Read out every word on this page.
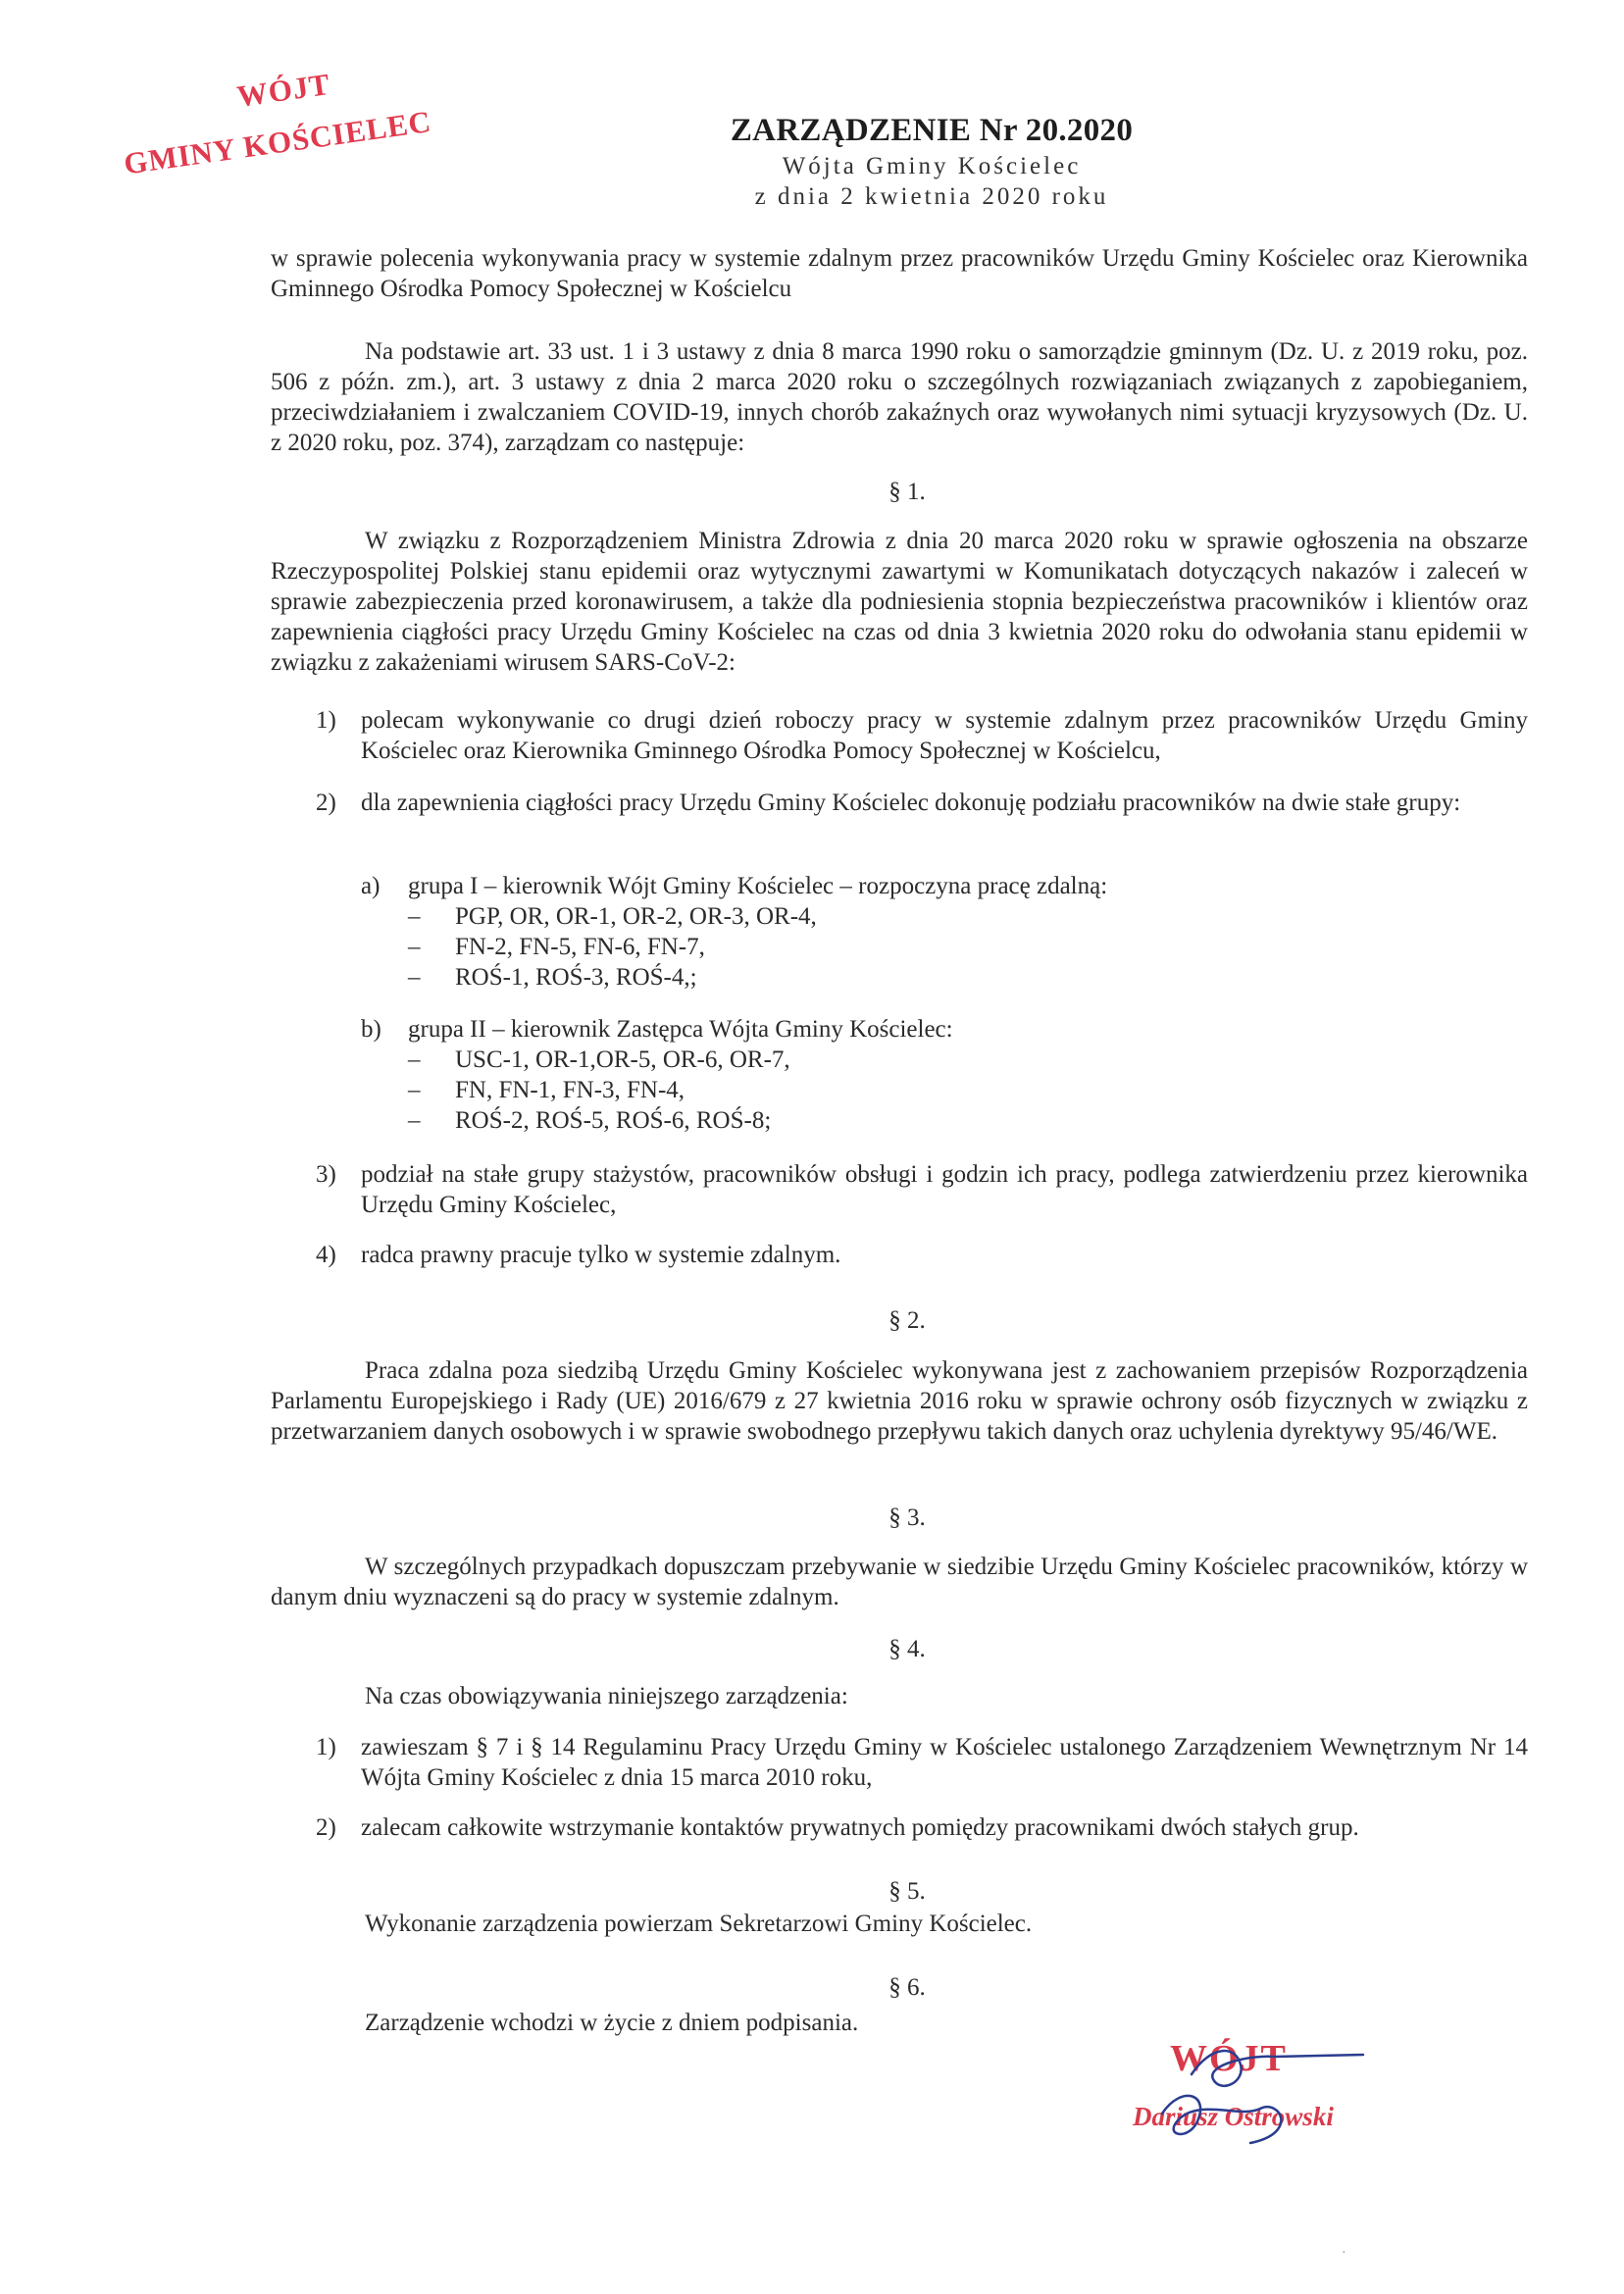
WÓJT
GMINY KOŚCIELEC	ZARZĄDZENIE Nr 20.2020

Wójta Gminy Kościelec

z dnia 2 kwietnia 2020 roku

w sprawie polecenia wykonywania pracy w systemie zdalnym przez pracowników Urzędu Gminy Kościelec oraz Kierownika Gminnego Ośrodka Pomocy Społecznej w Kościelcu

Na podstawie art. 33 ust. 1 i 3 ustawy z dnia 8 marca 1990 roku o samorządzie gminnym (Dz. U. z 2019 roku, poz. 506 z późn. zm.), art. 3 ustawy z dnia 2 marca 2020 roku o szczególnych rozwiązaniach związanych z zapobieganiem, przeciwdziałaniem i zwalczaniem COVID-19, innych chorób zakaźnych oraz wywołanych nimi sytuacji kryzysowych (Dz. U. z 2020 roku, poz. 374), zarządzam co następuje:

§ 1.

W związku z Rozporządzeniem Ministra Zdrowia z dnia 20 marca 2020 roku w sprawie ogłoszenia na obszarze Rzeczypospolitej Polskiej stanu epidemii oraz wytycznymi zawartymi w Komunikatach dotyczących nakazów i zaleceń w sprawie zabezpieczenia przed koronawirusem, a także dla podniesienia stopnia bezpieczeństwa pracowników i klientów oraz zapewnienia ciągłości pracy Urzędu Gminy Kościelec na czas od dnia 3 kwietnia 2020 roku do odwołania stanu epidemii w związku z zakażeniami wirusem SARS-CoV-2:

1)	polecam wykonywanie co drugi dzień roboczy pracy w systemie zdalnym przez pracowników Urzędu Gminy Kościelec oraz Kierownika Gminnego Ośrodka Pomocy Społecznej w Kościelcu,
2)	dla zapewnienia ciągłości pracy Urzędu Gminy Kościelec dokonuję podziału pracowników na dwie stałe grupy:
a)	grupa I – kierownik Wójt Gminy Kościelec – rozpoczyna pracę zdalną:
– PGP, OR, OR-1, OR-2, OR-3, OR-4,
– FN-2, FN-5, FN-6, FN-7,
– ROŚ-1, ROŚ-3, ROŚ-4,;
b)	grupa II – kierownik Zastępca Wójta Gminy Kościelec:
– USC-1, OR-1,OR-5, OR-6, OR-7,
– FN, FN-1, FN-3, FN-4,
– ROŚ-2, ROŚ-5, ROŚ-6, ROŚ-8;
3)	podział na stałe grupy stażystów, pracowników obsługi i godzin ich pracy, podlega zatwierdzeniu przez kierownika Urzędu Gminy Kościelec,
4)	radca prawny pracuje tylko w systemie zdalnym.

§ 2.

Praca zdalna poza siedzibą Urzędu Gminy Kościelec wykonywana jest z zachowaniem przepisów Rozporządzenia Parlamentu Europejskiego i Rady (UE) 2016/679 z 27 kwietnia 2016 roku w sprawie ochrony osób fizycznych w związku z przetwarzaniem danych osobowych i w sprawie swobodnego przepływu takich danych oraz uchylenia dyrektywy 95/46/WE.

§ 3.

W szczególnych przypadkach dopuszczam przebywanie w siedzibie Urzędu Gminy Kościelec pracowników, którzy w danym dniu wyznaczeni są do pracy w systemie zdalnym.

§ 4.

Na czas obowiązywania niniejszego zarządzenia:

1)	zawieszam § 7 i § 14 Regulaminu Pracy Urzędu Gminy w Kościelec ustalonego Zarządzeniem Wewnętrznym Nr 14 Wójta Gminy Kościelec z dnia 15 marca 2010 roku,
2)	zalecam całkowite wstrzymanie kontaktów prywatnych pomiędzy pracownikami dwóch stałych grup.

§ 5.

Wykonanie zarządzenia powierzam Sekretarzowi Gminy Kościelec.

§ 6.

Zarządzenie wchodzi w życie z dniem podpisania.

WÓJT
Dariusz Ostrowski
·
